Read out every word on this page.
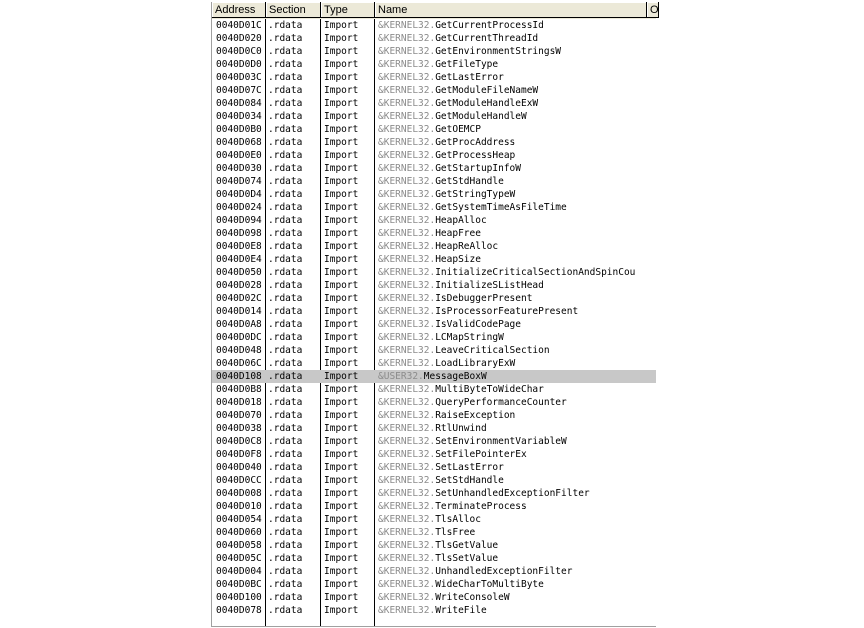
Address	Section	Type	Name	O
0040D01C .rdata	Import	&KERNEL32.GetCurrentProcessId
0040D020 .rdata	Import	&KERNEL32.GetCurrentThreadId
0040D0C0 .rdata	Import	&KERNEL32.GetEnvironmentStringsW
0040D0D0 .rdata	Import	&KERNEL32.GetFileType
0040D03C .rdata	Import	&KERNEL32.GetLastError
0040D07C .rdata	Import	&KERNEL32.GetModuleFileNameW
0040D084 .rdata	Import	&KERNEL32.GetModuleHandleExW
0040D034 .rdata	Import	&KERNEL32.GetModuleHandleW
0040D0B0 .rdata	Import	&KERNEL32.GetOEMCP
0040D068 .rdata	Import	&KERNEL32.GetProcAddress
0040D0E0 .rdata	Import	&KERNEL32.GetProcessHeap
0040D030 .rdata	Import	&KERNEL32.GetStartupInfoW
0040D074 .rdata	Import	&KERNEL32.GetStdHandle
0040D0D4 .rdata	Import	&KERNEL32.GetStringTypeW
0040D024 .rdata	Import	&KERNEL32.GetSystemTimeAsFileTime
0040D094 .rdata	Import	&KERNEL32.HeapAlloc
0040D098 .rdata	Import	&KERNEL32.HeapFree
0040D0E8 .rdata	Import	&KERNEL32.HeapReAlloc
0040D0E4 .rdata	Import	&KERNEL32.HeapSize
0040D050 .rdata	Import	&KERNEL32.InitializeCriticalSectionAndSpinCou
0040D028 .rdata	Import	&KERNEL32.InitializeSListHead
0040D02C .rdata	Import	&KERNEL32.IsDebuggerPresent
0040D014 .rdata	Import	&KERNEL32.IsProcessorFeaturePresent
0040D0A8 .rdata	Import	&KERNEL32.IsValidCodePage
0040D0DC .rdata	Import	&KERNEL32.LCMapStringW
0040D048 .rdata	Import	&KERNEL32.LeaveCriticalSection
0040D06C .rdata	Import	&KERNEL32.LoadLibraryExW
0040D108 .rdata	Import	&USER32.MessageBoxW
0040D0B8 .rdata	Import	&KERNEL32.MultiByteToWideChar
0040D018 .rdata	Import	&KERNEL32.QueryPerformanceCounter
0040D070 .rdata	Import	&KERNEL32.RaiseException
0040D038 .rdata	Import	&KERNEL32.RtlUnwind
0040D0C8 .rdata	Import	&KERNEL32.SetEnvironmentVariableW
0040D0F8 .rdata	Import	&KERNEL32.SetFilePointerEx
0040D040 .rdata	Import	&KERNEL32.SetLastError
0040D0CC .rdata	Import	&KERNEL32.SetStdHandle
0040D008 .rdata	Import	&KERNEL32.SetUnhandledExceptionFilter
0040D010 .rdata	Import	&KERNEL32.TerminateProcess
0040D054 .rdata	Import	&KERNEL32.TlsAlloc
0040D060 .rdata	Import	&KERNEL32.TlsFree
0040D058 .rdata	Import	&KERNEL32.TlsGetValue
0040D05C .rdata	Import	&KERNEL32.TlsSetValue
0040D004 .rdata	Import	&KERNEL32.UnhandledExceptionFilter
0040D0BC .rdata	Import	&KERNEL32.WideCharToMultiByte
0040D100 .rdata	Import	&KERNEL32.WriteConsoleW
0040D078 .rdata	Import	&KERNEL32.WriteFile
